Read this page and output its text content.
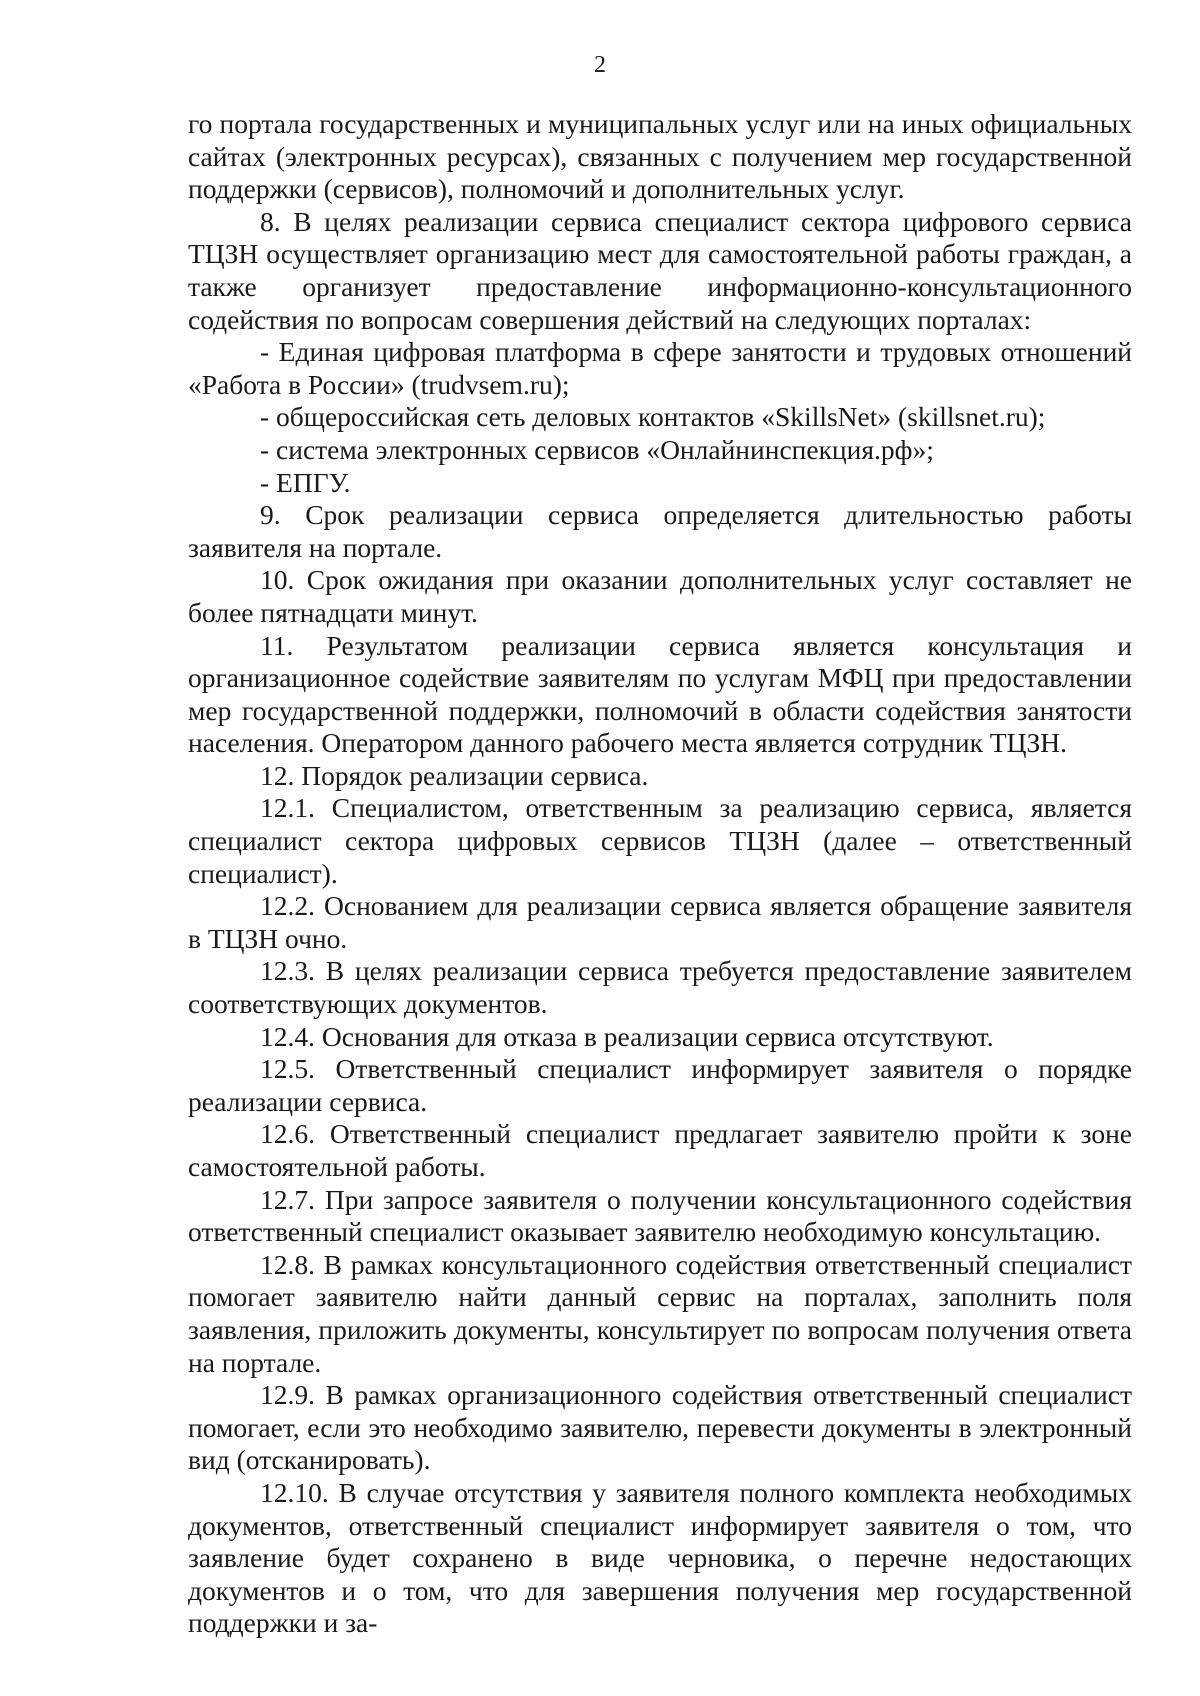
2

го портала государственных и муниципальных услуг или на иных официальных сайтах (электронных ресурсах), связанных с получением мер государственной поддержки (сервисов), полномочий и дополнительных услуг.

8. В целях реализации сервиса специалист сектора цифрового сервиса ТЦЗН осуществляет организацию мест для самостоятельной работы граждан, а также организует предоставление информационно-консультационного содействия по вопросам совершения действий на следующих порталах:

- Единая цифровая платформа в сфере занятости и трудовых отношений «Работа в России» (trudvsem.ru);

- общероссийская сеть деловых контактов «SkillsNet» (skillsnet.ru);

- система электронных сервисов «Онлайнинспекция.рф»;

- ЕПГУ.

9. Срок реализации сервиса определяется длительностью работы заявителя на портале.

10. Срок ожидания при оказании дополнительных услуг составляет не более пятнадцати минут.

11. Результатом реализации сервиса является консультация и организационное содействие заявителям по услугам МФЦ при предоставлении мер государственной поддержки, полномочий в области содействия занятости населения. Оператором данного рабочего места является сотрудник ТЦЗН.

12. Порядок реализации сервиса.

12.1. Специалистом, ответственным за реализацию сервиса, является специалист сектора цифровых сервисов ТЦЗН (далее – ответственный специалист).

12.2. Основанием для реализации сервиса является обращение заявителя в ТЦЗН очно.

12.3. В целях реализации сервиса требуется предоставление заявителем соответствующих документов.

12.4. Основания для отказа в реализации сервиса отсутствуют.

12.5. Ответственный специалист информирует заявителя о порядке реализации сервиса.

12.6. Ответственный специалист предлагает заявителю пройти к зоне самостоятельной работы.

12.7. При запросе заявителя о получении консультационного содействия ответственный специалист оказывает заявителю необходимую консультацию.

12.8. В рамках консультационного содействия ответственный специалист помогает заявителю найти данный сервис на порталах, заполнить поля заявления, приложить документы, консультирует по вопросам получения ответа на портале.

12.9. В рамках организационного содействия ответственный специалист помогает, если это необходимо заявителю, перевести документы в электронный вид (отсканировать).

12.10. В случае отсутствия у заявителя полного комплекта необходимых документов, ответственный специалист информирует заявителя о том, что заявление будет сохранено в виде черновика, о перечне недостающих документов и о том, что для завершения получения мер государственной поддержки и за-
